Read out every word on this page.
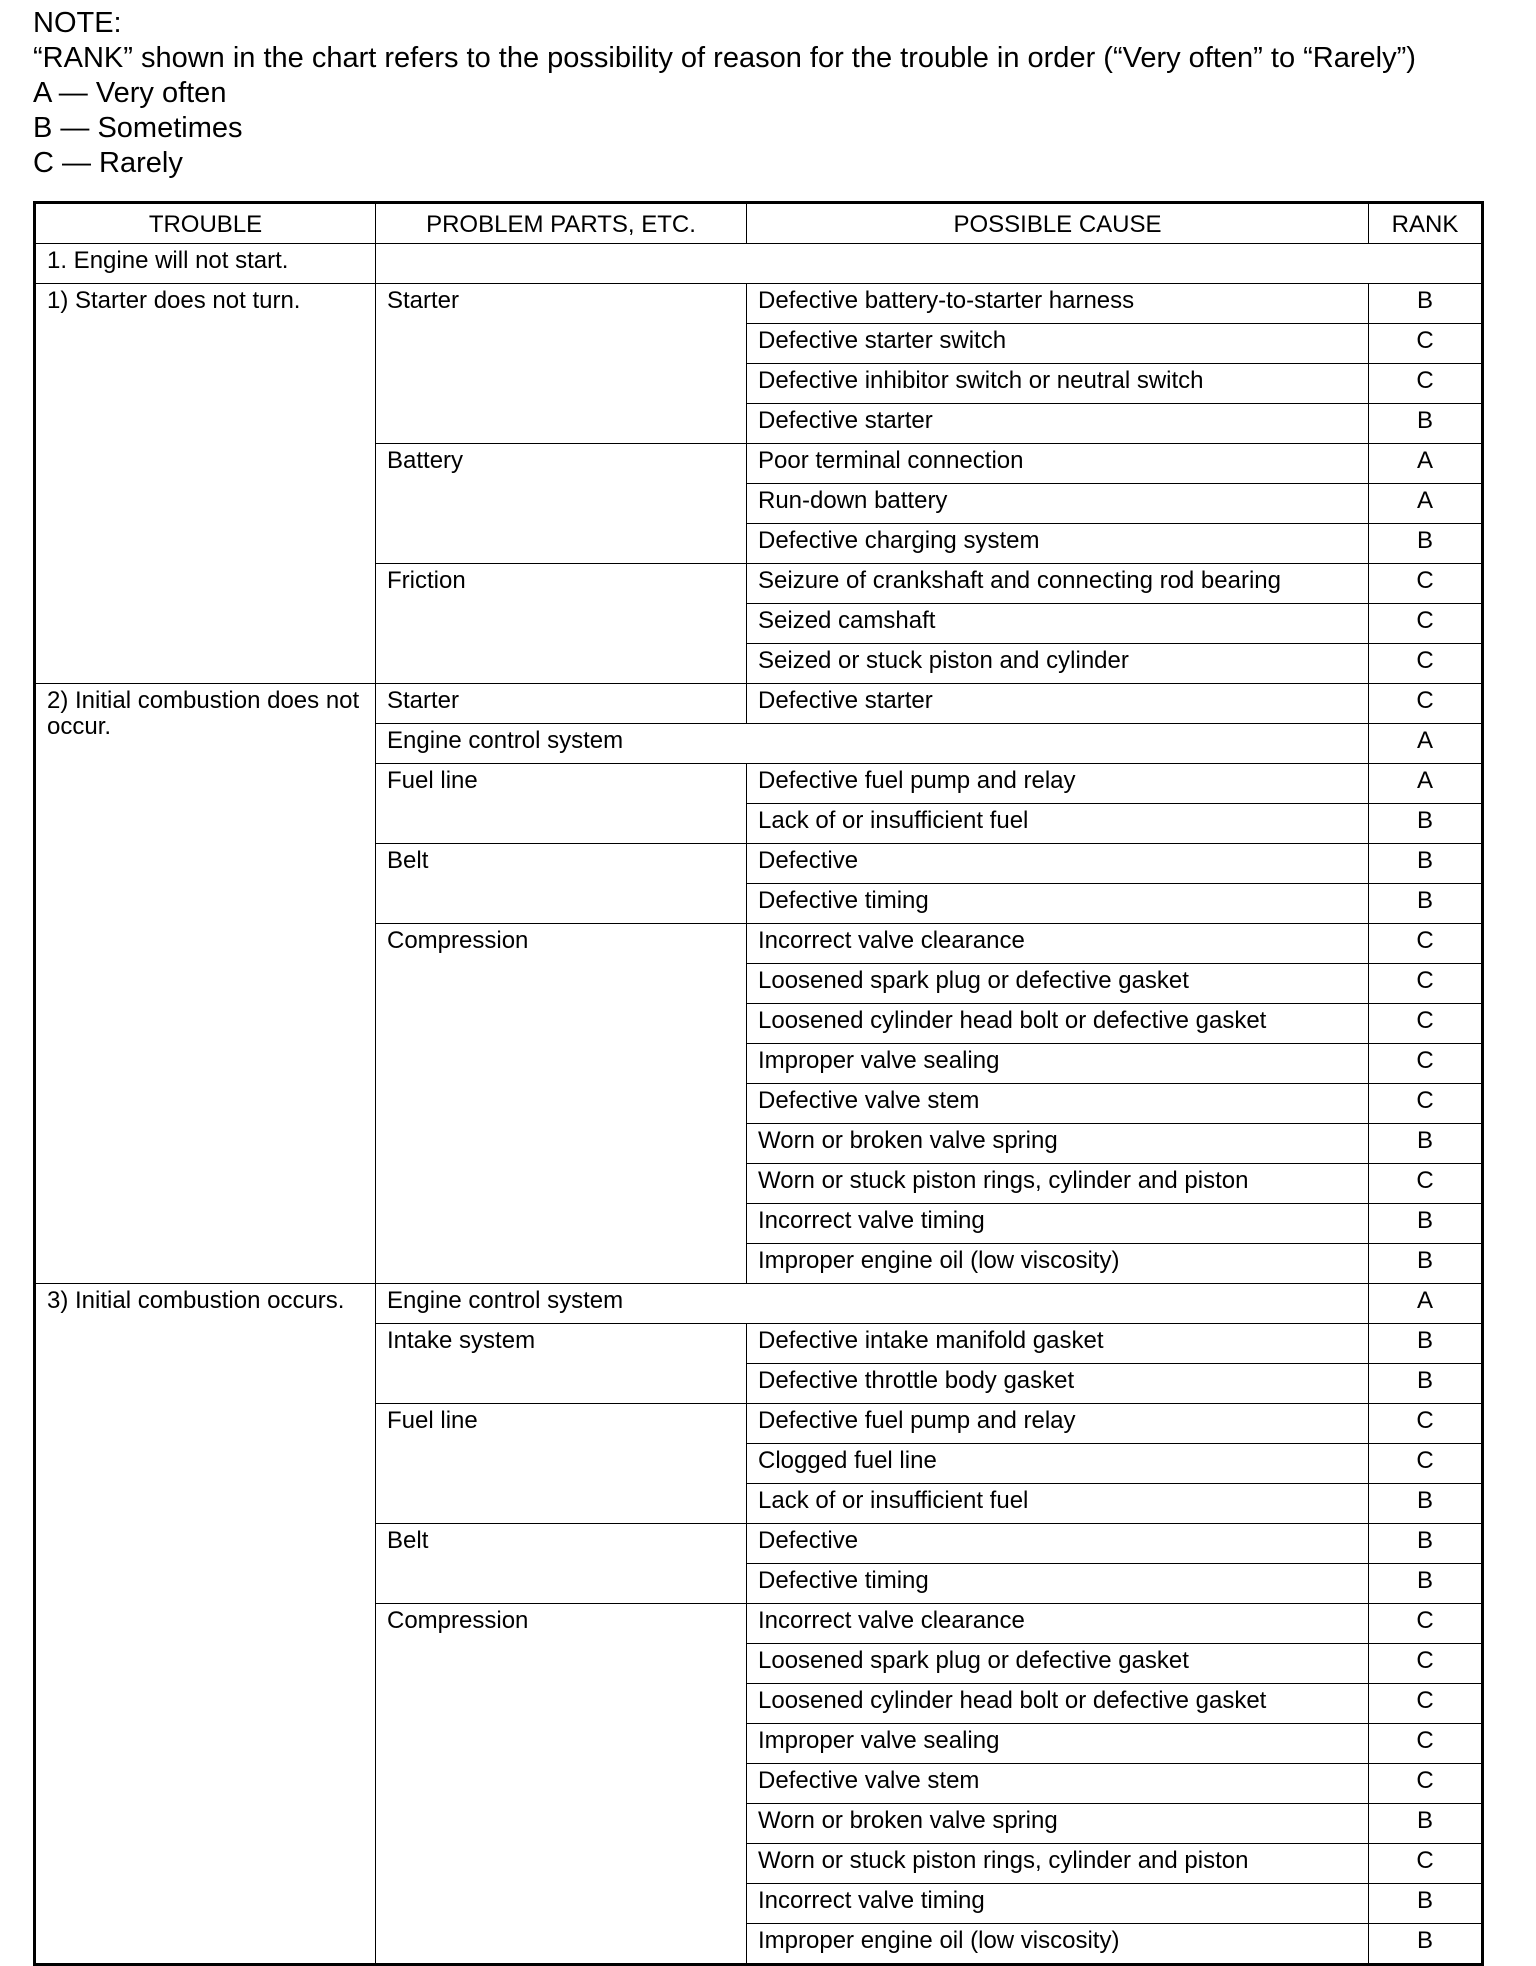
NOTE:
“RANK” shown in the chart refers to the possibility of reason for the trouble in order (“Very often” to “Rarely”)
A — Very often
B — Sometimes
C — Rarely
TROUBLE	PROBLEM PARTS, ETC.	POSSIBLE CAUSE	RANK
1. Engine will not start.			
1) Starter does not turn.	Starter	Defective battery-to-starter harness	B
		Defective starter switch	C
		Defective inhibitor switch or neutral switch	C
		Defective starter	B
	Battery	Poor terminal connection	A
		Run-down battery	A
		Defective charging system	B
	Friction	Seizure of crankshaft and connecting rod bearing	C
		Seized camshaft	C
		Seized or stuck piston and cylinder	C
2) Initial combustion does not occur.	Starter	Defective starter	C
	Engine control system		A
	Fuel line	Defective fuel pump and relay	A
		Lack of or insufficient fuel	B
	Belt	Defective	B
		Defective timing	B
	Compression	Incorrect valve clearance	C
		Loosened spark plug or defective gasket	C
		Loosened cylinder head bolt or defective gasket	C
		Improper valve sealing	C
		Defective valve stem	C
		Worn or broken valve spring	B
		Worn or stuck piston rings, cylinder and piston	C
		Incorrect valve timing	B
		Improper engine oil (low viscosity)	B
3) Initial combustion occurs.	Engine control system		A
	Intake system	Defective intake manifold gasket	B
		Defective throttle body gasket	B
	Fuel line	Defective fuel pump and relay	C
		Clogged fuel line	C
		Lack of or insufficient fuel	B
	Belt	Defective	B
		Defective timing	B
	Compression	Incorrect valve clearance	C
		Loosened spark plug or defective gasket	C
		Loosened cylinder head bolt or defective gasket	C
		Improper valve sealing	C
		Defective valve stem	C
		Worn or broken valve spring	B
		Worn or stuck piston rings, cylinder and piston	C
		Incorrect valve timing	B
		Improper engine oil (low viscosity)	B
